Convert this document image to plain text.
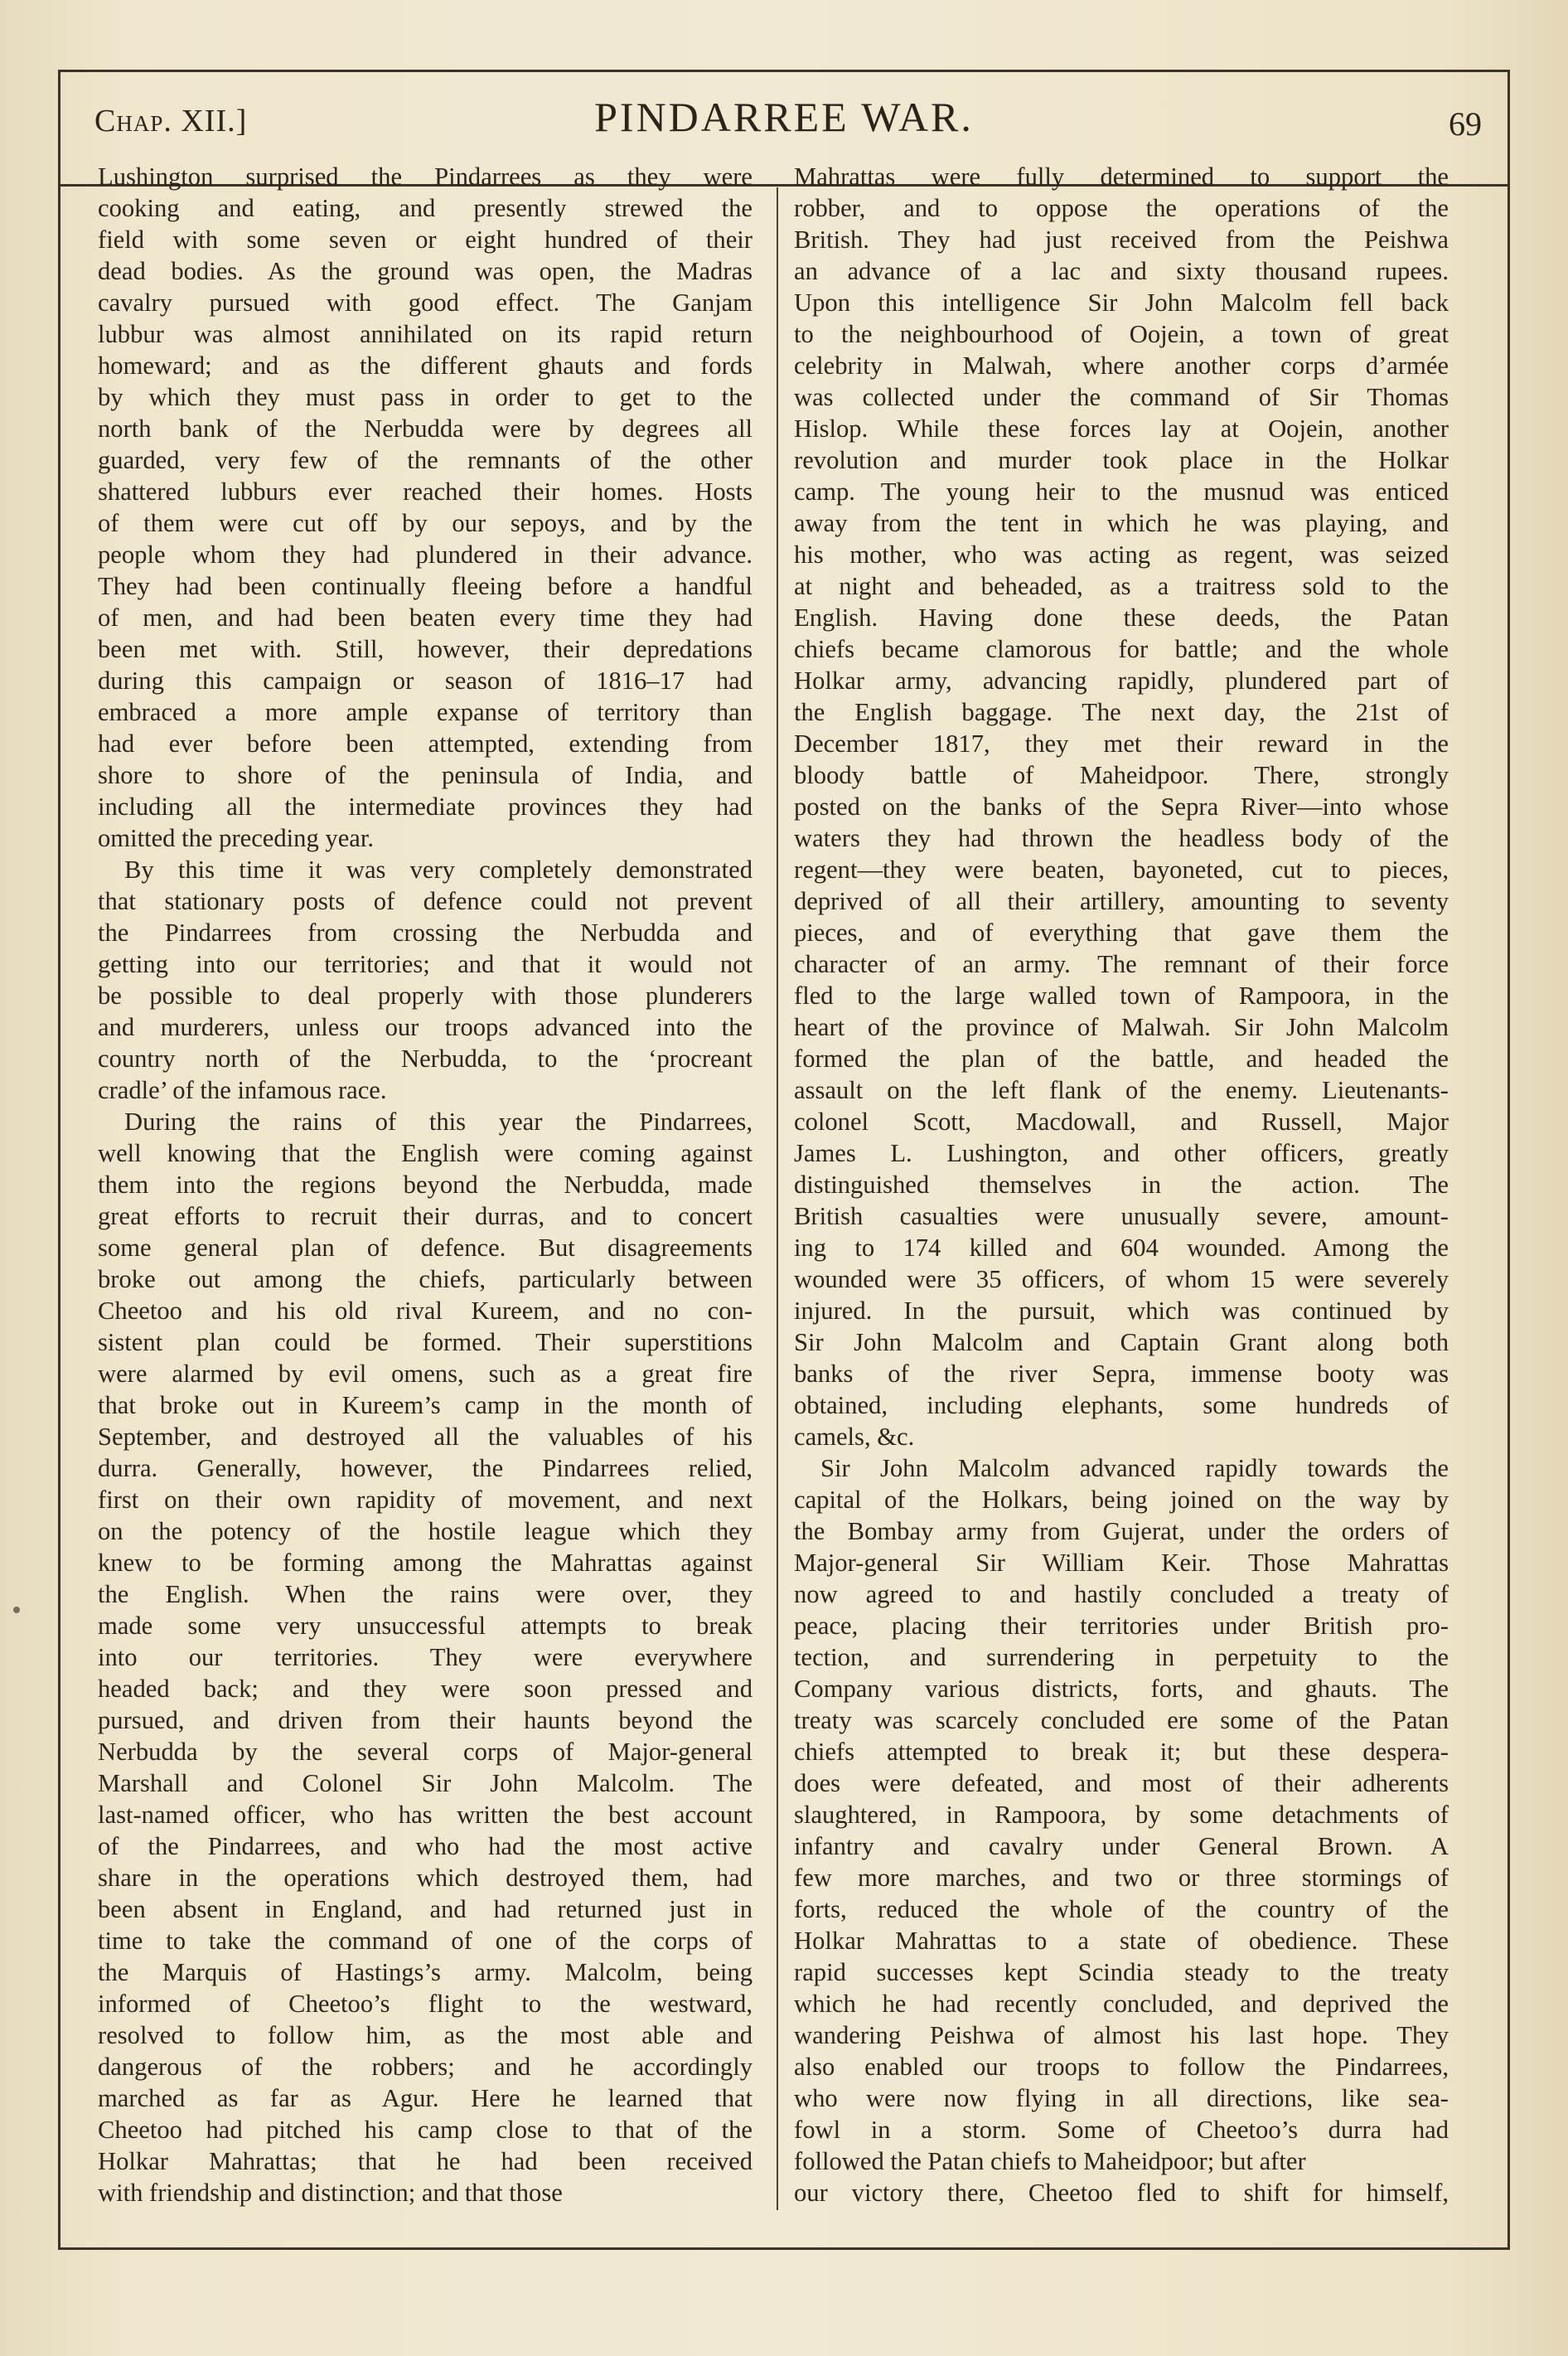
Chap. XII.]	PINDARREE WAR.	69
Lushington surprised the Pindarrees as they were
cooking and eating, and presently strewed the
field with some seven or eight hundred of their
dead bodies. As the ground was open, the Madras
cavalry pursued with good effect. The Ganjam
lubbur was almost annihilated on its rapid return
homeward; and as the different ghauts and fords
by which they must pass in order to get to the
north bank of the Nerbudda were by degrees all
guarded, very few of the remnants of the other
shattered lubburs ever reached their homes. Hosts
of them were cut off by our sepoys, and by the
people whom they had plundered in their advance.
They had been continually fleeing before a handful
of men, and had been beaten every time they had
been met with. Still, however, their depredations
during this campaign or season of 1816–17 had
embraced a more ample expanse of territory than
had ever before been attempted, extending from
shore to shore of the peninsula of India, and
including all the intermediate provinces they had
omitted the preceding year.
By this time it was very completely demonstrated
that stationary posts of defence could not prevent
the Pindarrees from crossing the Nerbudda and
getting into our territories; and that it would not
be possible to deal properly with those plunderers
and murderers, unless our troops advanced into the
country north of the Nerbudda, to the ‘procreant
cradle’ of the infamous race.
During the rains of this year the Pindarrees,
well knowing that the English were coming against
them into the regions beyond the Nerbudda, made
great efforts to recruit their durras, and to concert
some general plan of defence. But disagreements
broke out among the chiefs, particularly between
Cheetoo and his old rival Kureem, and no con-
sistent plan could be formed. Their superstitions
were alarmed by evil omens, such as a great fire
that broke out in Kureem’s camp in the month of
September, and destroyed all the valuables of his
durra. Generally, however, the Pindarrees relied,
first on their own rapidity of movement, and next
on the potency of the hostile league which they
knew to be forming among the Mahrattas against
the English. When the rains were over, they
made some very unsuccessful attempts to break
into our territories. They were everywhere
headed back; and they were soon pressed and
pursued, and driven from their haunts beyond the
Nerbudda by the several corps of Major-general
Marshall and Colonel Sir John Malcolm. The
last-named officer, who has written the best account
of the Pindarrees, and who had the most active
share in the operations which destroyed them, had
been absent in England, and had returned just in
time to take the command of one of the corps of
the Marquis of Hastings’s army. Malcolm, being
informed of Cheetoo’s flight to the westward,
resolved to follow him, as the most able and
dangerous of the robbers; and he accordingly
marched as far as Agur. Here he learned that
Cheetoo had pitched his camp close to that of the
Holkar Mahrattas; that he had been received
with friendship and distinction; and that those
Mahrattas were fully determined to support the
robber, and to oppose the operations of the
British. They had just received from the Peishwa
an advance of a lac and sixty thousand rupees.
Upon this intelligence Sir John Malcolm fell back
to the neighbourhood of Oojein, a town of great
celebrity in Malwah, where another corps d’armée
was collected under the command of Sir Thomas
Hislop. While these forces lay at Oojein, another
revolution and murder took place in the Holkar
camp. The young heir to the musnud was enticed
away from the tent in which he was playing, and
his mother, who was acting as regent, was seized
at night and beheaded, as a traitress sold to the
English. Having done these deeds, the Patan
chiefs became clamorous for battle; and the whole
Holkar army, advancing rapidly, plundered part of
the English baggage. The next day, the 21st of
December 1817, they met their reward in the
bloody battle of Maheidpoor. There, strongly
posted on the banks of the Sepra River—into whose
waters they had thrown the headless body of the
regent—they were beaten, bayoneted, cut to pieces,
deprived of all their artillery, amounting to seventy
pieces, and of everything that gave them the
character of an army. The remnant of their force
fled to the large walled town of Rampoora, in the
heart of the province of Malwah. Sir John Malcolm
formed the plan of the battle, and headed the
assault on the left flank of the enemy. Lieutenants-
colonel Scott, Macdowall, and Russell, Major
James L. Lushington, and other officers, greatly
distinguished themselves in the action. The
British casualties were unusually severe, amount-
ing to 174 killed and 604 wounded. Among the
wounded were 35 officers, of whom 15 were severely
injured. In the pursuit, which was continued by
Sir John Malcolm and Captain Grant along both
banks of the river Sepra, immense booty was
obtained, including elephants, some hundreds of
camels, &c.
Sir John Malcolm advanced rapidly towards the
capital of the Holkars, being joined on the way by
the Bombay army from Gujerat, under the orders of
Major-general Sir William Keir. Those Mahrattas
now agreed to and hastily concluded a treaty of
peace, placing their territories under British pro-
tection, and surrendering in perpetuity to the
Company various districts, forts, and ghauts. The
treaty was scarcely concluded ere some of the Patan
chiefs attempted to break it; but these despera-
does were defeated, and most of their adherents
slaughtered, in Rampoora, by some detachments of
infantry and cavalry under General Brown. A
few more marches, and two or three stormings of
forts, reduced the whole of the country of the
Holkar Mahrattas to a state of obedience. These
rapid successes kept Scindia steady to the treaty
which he had recently concluded, and deprived the
wandering Peishwa of almost his last hope. They
also enabled our troops to follow the Pindarrees,
who were now flying in all directions, like sea-
fowl in a storm. Some of Cheetoo’s durra had
followed the Patan chiefs to Maheidpoor; but after
our victory there, Cheetoo fled to shift for himself,
